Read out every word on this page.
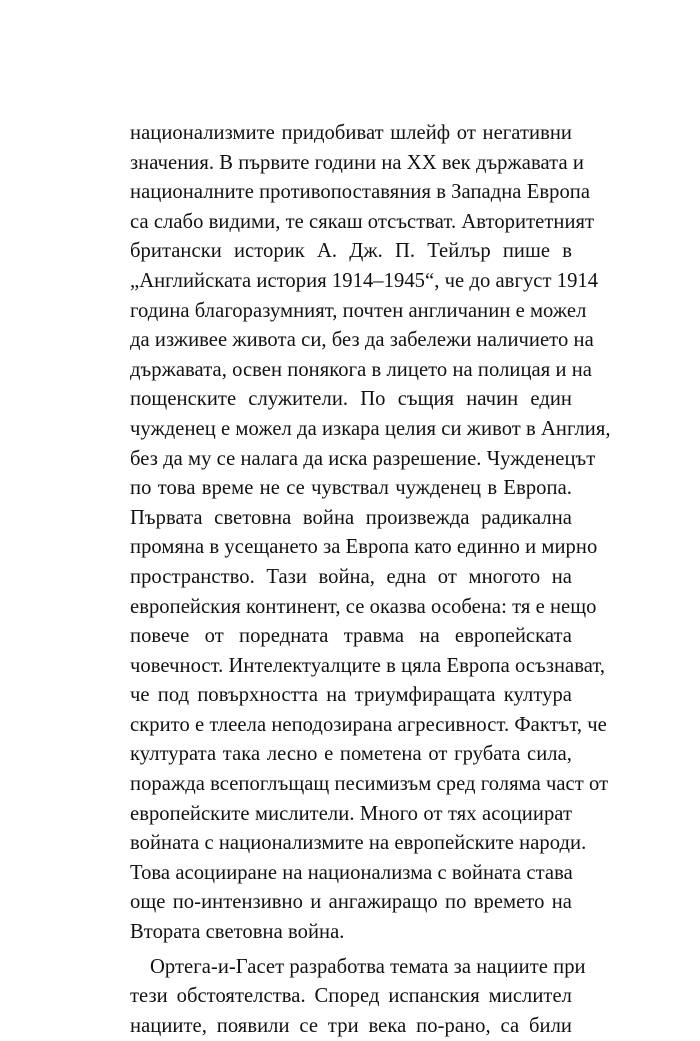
национализмите придобиват шлейф от негативни
значения. В първите години на XX век държавата и
националните противопоставяния в Западна Европа
са слабо видими, те сякаш отсъстват. Авторитетният
британски историк А. Дж. П. Тейлър пише в
„Английската история 1914–1945“, че до август 1914
година благоразумният, почтен англичанин е можел
да изживее живота си, без да забележи наличието на
държавата, освен понякога в лицето на полицая и на
пощенските служители. По същия начин един
чужденец е можел да изкара целия си живот в Англия,
без да му се налага да иска разрешение. Чужденецът
по това време не се чувствал чужденец в Европа.
Първата световна война произвежда радикална
промяна в усещането за Европа като единно и мирно
пространство. Тази война, една от многото на
европейския континент, се оказва особена: тя е нещо
повече от поредната травма на европейската
човечност. Интелектуалците в цяла Европа осъзнават,
че под повърхността на триумфиращата култура
скрито е тлеела неподозирана агресивност. Фактът, че
културата така лесно е пометена от грубата сила,
поражда всепоглъщащ песимизъм сред голяма част от
европейските мислители. Много от тях асоциират
войната с национализмите на европейските народи.
Това асоцииране на национализма с войната става
още по-интензивно и ангажиращо по времето на
Втората световна война.
Ортега-и-Гасет разработва темата за нациите при
тези обстоятелства. Според испанския мислител
нациите, появили се три века по-рано, са били
